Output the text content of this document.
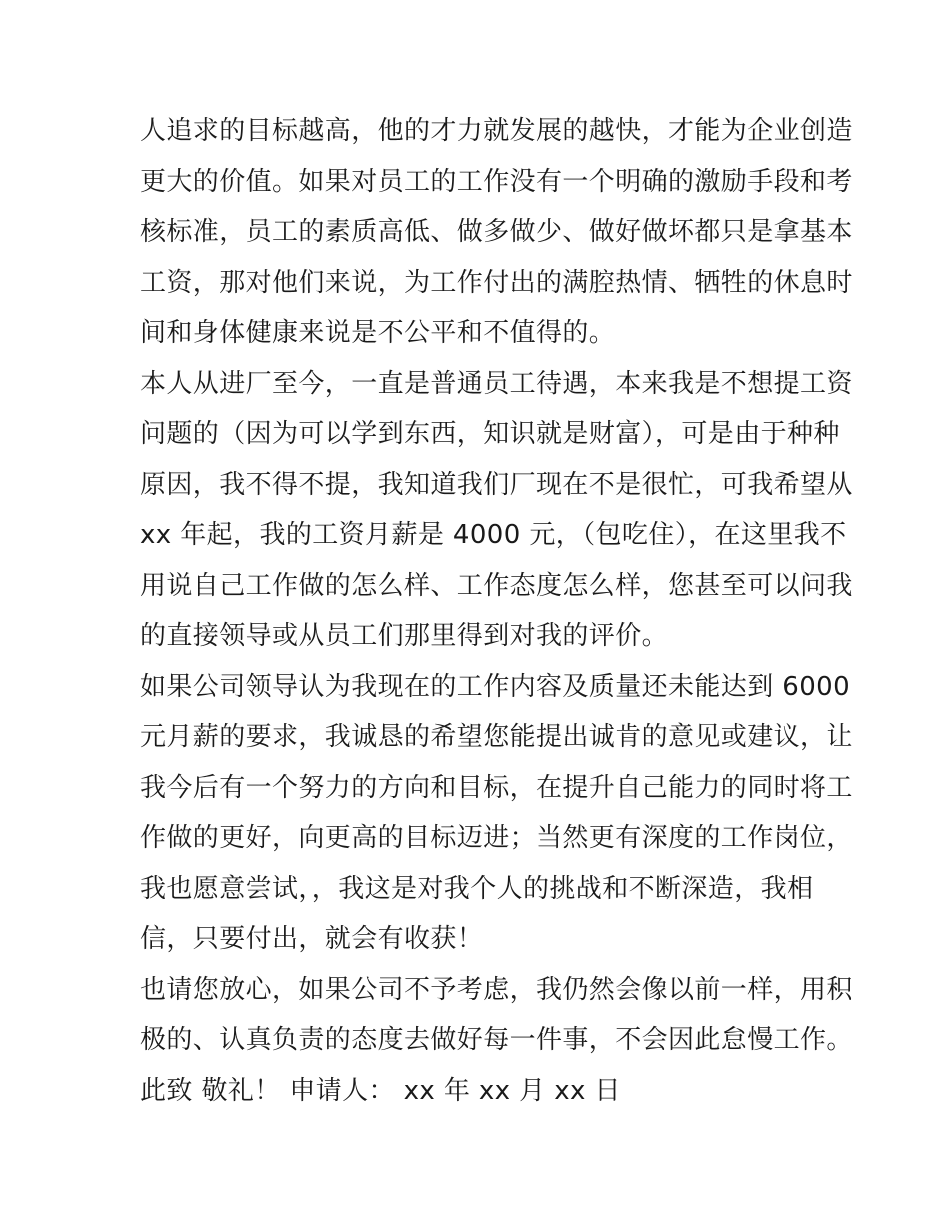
人追求的目标越高，他的才力就发展的越快，才能为企业创造
更大的价值。如果对员工的工作没有一个明确的激励手段和考
核标准，员工的素质高低、做多做少、做好做坏都只是拿基本
工资，那对他们来说，为工作付出的满腔热情、牺牲的休息时
间和身体健康来说是不公平和不值得的。
本人从进厂至今，一直是普通员工待遇，本来我是不想提工资
问题的（因为可以学到东西，知识就是财富），可是由于种种
原因，我不得不提，我知道我们厂现在不是很忙，可我希望从
xx 年起，我的工资月薪是 4000 元，（包吃住），在这里我不
用说自己工作做的怎么样、工作态度怎么样，您甚至可以问我
的直接领导或从员工们那里得到对我的评价。
如果公司领导认为我现在的工作内容及质量还未能达到 6000
元月薪的要求，我诚恳的希望您能提出诚肯的意见或建议，让
我今后有一个努力的方向和目标，在提升自己能力的同时将工
作做的更好，向更高的目标迈进；当然更有深度的工作岗位，
我也愿意尝试，，我这是对我个人的挑战和不断深造，我相
信，只要付出，就会有收获！
也请您放心，如果公司不予考虑，我仍然会像以前一样，用积
极的、认真负责的态度去做好每一件事，不会因此怠慢工作。
此致 敬礼！ 申请人： xx 年 xx 月 xx 日
